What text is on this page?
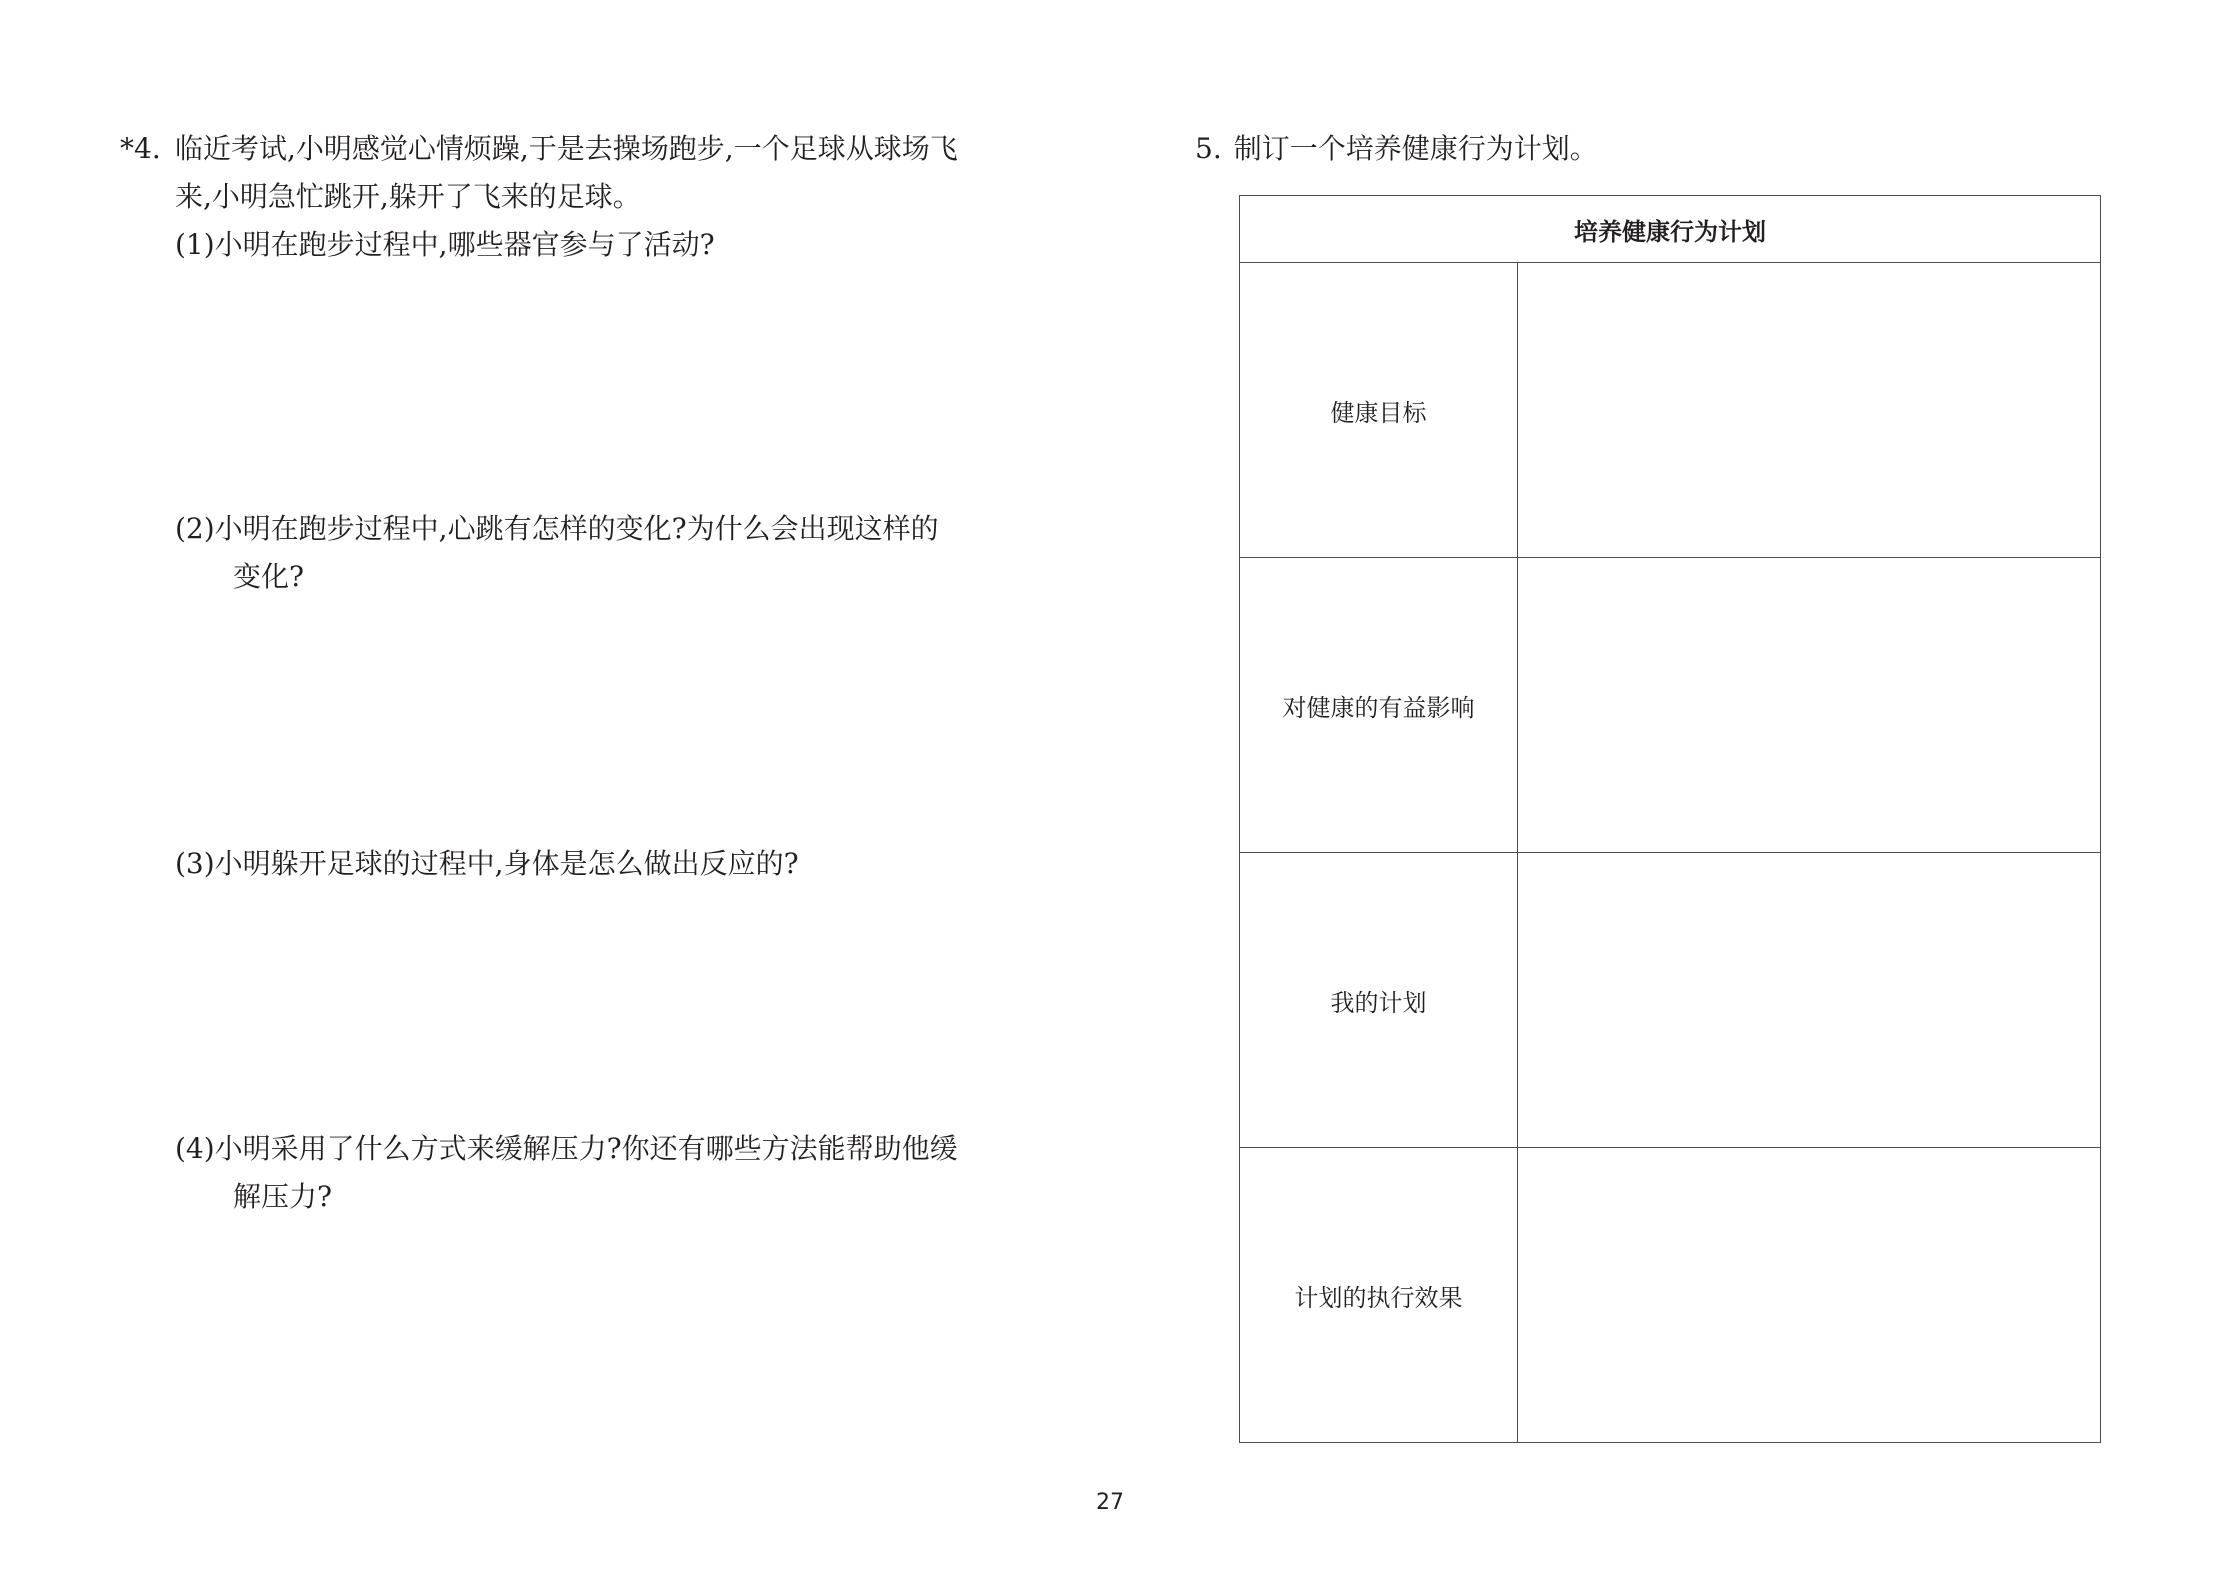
*4. 临近考试,小明感觉心情烦躁,于是去操场跑步,一个足球从球场飞
来,小明急忙跳开,躲开了飞来的足球。
(1)小明在跑步过程中,哪些器官参与了活动?
(2)小明在跑步过程中,心跳有怎样的变化?为什么会出现这样的
变化?
(3)小明躲开足球的过程中,身体是怎么做出反应的?
(4)小明采用了什么方式来缓解压力?你还有哪些方法能帮助他缓
解压力?
5. 制订一个培养健康行为计划。
培养健康行为计划	
健康目标	
对健康的有益影响	
我的计划	
计划的执行效果	
27
